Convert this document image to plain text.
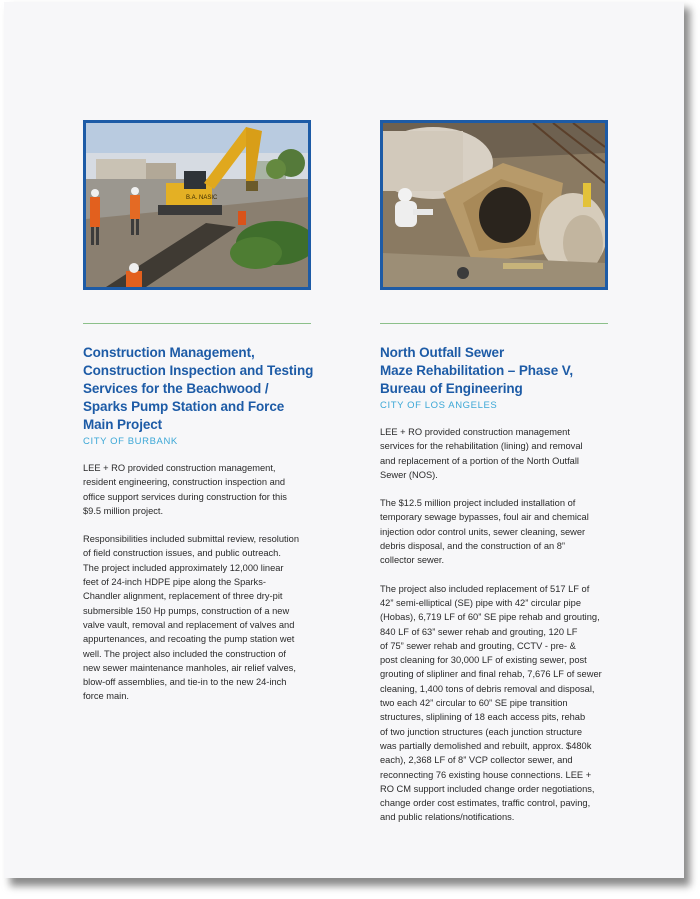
B.A. NASIC
Construction Management,
Construction Inspection and Testing
Services for the Beachwood /
Sparks Pump Station and Force
Main Project
CITY OF BURBANK
LEE + RO provided construction management,
resident engineering, construction inspection and
office support services during construction for this
$9.5 million project.
Responsibilities included submittal review, resolution
of field construction issues, and public outreach.
The project included approximately 12,000 linear
feet of 24-inch HDPE pipe along the Sparks-
Chandler alignment, replacement of three dry-pit
submersible 150 Hp pumps, construction of a new
valve vault, removal and replacement of valves and
appurtenances, and recoating the pump station wet
well. The project also included the construction of
new sewer maintenance manholes, air relief valves,
blow-off assemblies, and tie-in to the new 24-inch
force main.
North Outfall Sewer
Maze Rehabilitation – Phase V,
Bureau of Engineering
CITY OF LOS ANGELES
LEE + RO provided construction management
services for the rehabilitation (lining) and removal
and replacement of a portion of the North Outfall
Sewer (NOS).
The $12.5 million project included installation of
temporary sewage bypasses, foul air and chemical
injection odor control units, sewer cleaning, sewer
debris disposal, and the construction of an 8”
collector sewer.
The project also included replacement of 517 LF of
42” semi-elliptical (SE) pipe with 42” circular pipe
(Hobas), 6,719 LF of 60” SE pipe rehab and grouting,
840 LF of 63” sewer rehab and grouting, 120 LF
of 75” sewer rehab and grouting, CCTV - pre- &
post cleaning for 30,000 LF of existing sewer, post
grouting of slipliner and final rehab, 7,676 LF of sewer
cleaning, 1,400 tons of debris removal and disposal,
two each 42” circular to 60” SE pipe transition
structures, sliplining of 18 each access pits, rehab
of two junction structures (each junction structure
was partially demolished and rebuilt, approx. $480k
each), 2,368 LF of 8” VCP collector sewer, and
reconnecting 76 existing house connections. LEE +
RO CM support included change order negotiations,
change order cost estimates, traffic control, paving,
and public relations/notifications.
